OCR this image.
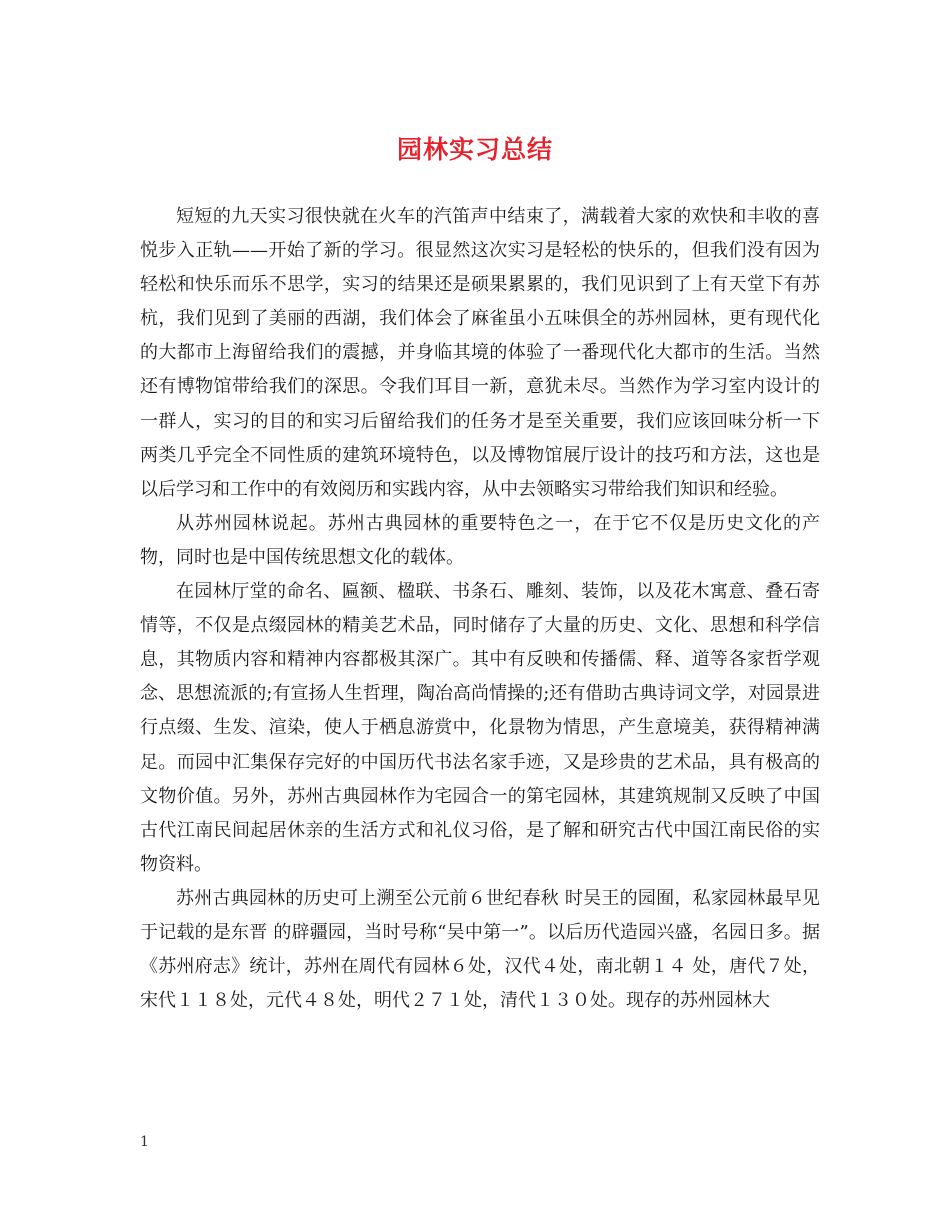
园林实习总结

短短的九天实习很快就在火车的汽笛声中结束了，满载着大家的欢快和丰收的喜悦步入正轨——开始了新的学习。很显然这次实习是轻松的快乐的，但我们没有因为轻松和快乐而乐不思学，实习的结果还是硕果累累的，我们见识到了上有天堂下有苏杭，我们见到了美丽的西湖，我们体会了麻雀虽小五味俱全的苏州园林，更有现代化的大都市上海留给我们的震撼，并身临其境的体验了一番现代化大都市的生活。当然还有博物馆带给我们的深思。令我们耳目一新，意犹未尽。当然作为学习室内设计的一群人，实习的目的和实习后留给我们的任务才是至关重要，我们应该回味分析一下两类几乎完全不同性质的建筑环境特色，以及博物馆展厅设计的技巧和方法，这也是以后学习和工作中的有效阅历和实践内容，从中去领略实习带给我们知识和经验。

从苏州园林说起。苏州古典园林的重要特色之一，在于它不仅是历史文化的产物，同时也是中国传统思想文化的载体。

在园林厅堂的命名、匾额、楹联、书条石、雕刻、装饰，以及花木寓意、叠石寄情等，不仅是点缀园林的精美艺术品，同时储存了大量的历史、文化、思想和科学信息，其物质内容和精神内容都极其深广。其中有反映和传播儒、释、道等各家哲学观念、思想流派的;有宣扬人生哲理，陶冶高尚情操的;还有借助古典诗词文学，对园景进行点缀、生发、渲染，使人于栖息游赏中，化景物为情思，产生意境美，获得精神满足。而园中汇集保存完好的中国历代书法名家手迹，又是珍贵的艺术品，具有极高的文物价值。另外，苏州古典园林作为宅园合一的第宅园林，其建筑规制又反映了中国古代江南民间起居休亲的生活方式和礼仪习俗，是了解和研究古代中国江南民俗的实物资料。

苏州古典园林的历史可上溯至公元前６世纪春秋 时吴王的园囿，私家园林最早见于记载的是东晋 的辟疆园，当时号称“吴中第一”。以后历代造园兴盛，名园日多。据《苏州府志》统计，苏州在周代有园林６处，汉代４处，南北朝１４ 处，唐代７处，宋代１１８处，元代４８处，明代２７１处，清代１３０处。现存的苏州园林大

1
